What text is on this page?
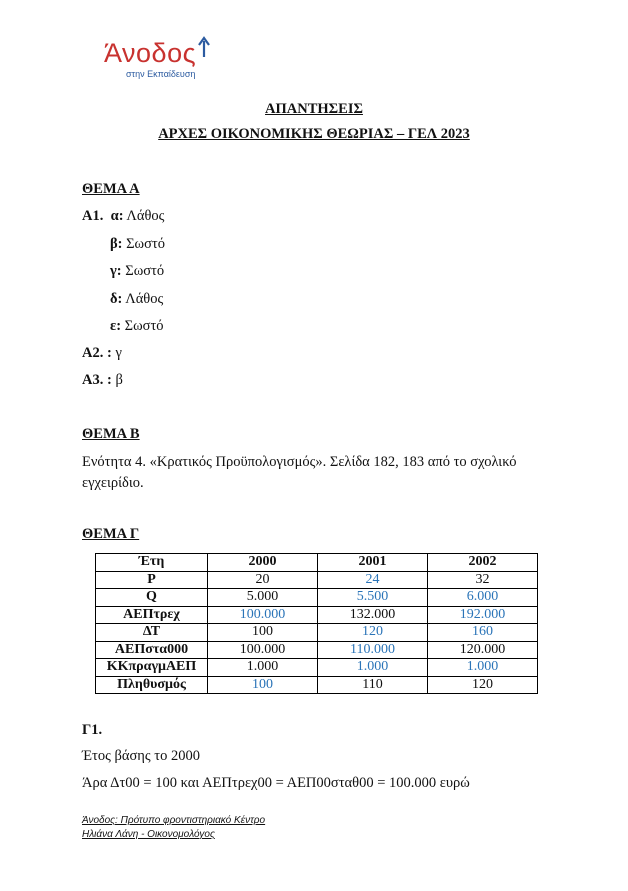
Άνοδος
στην Εκπαίδευση
ΑΠΑΝΤΗΣΕΙΣ
ΑΡΧΕΣ ΟΙΚΟΝΟΜΙΚΗΣ ΘΕΩΡΙΑΣ – ΓΕΛ 2023
ΘΕΜΑ Α
Α1. α: Λάθος
β: Σωστό
γ: Σωστό
δ: Λάθος
ε: Σωστό
Α2. : γ
Α3. : β
ΘΕΜΑ Β
Ενότητα 4. «Κρατικός Προϋπολογισμός». Σελίδα 182, 183 από το σχολικό εγχειρίδιο.
ΘΕΜΑ Γ
Έτη	2000	2001	2002
Ρ	20	24	32
Q	5.000	5.500	6.000
ΑΕΠτρεχ	100.000	132.000	192.000
ΔΤ	100	120	160
ΑΕΠστα000	100.000	110.000	120.000
ΚΚπραγμΑΕΠ	1.000	1.000	1.000
Πληθυσμός	100	110	120
Γ1.
Έτος βάσης το 2000
Άρα Δτ00 = 100 και ΑΕΠτρεχ00 = ΑΕΠ00σταθ00 = 100.000 ευρώ
Άνοδος: Πρότυπο φροντιστηριακό Κέντρο
Ηλιάνα Λάνη - Οικονομολόγος
